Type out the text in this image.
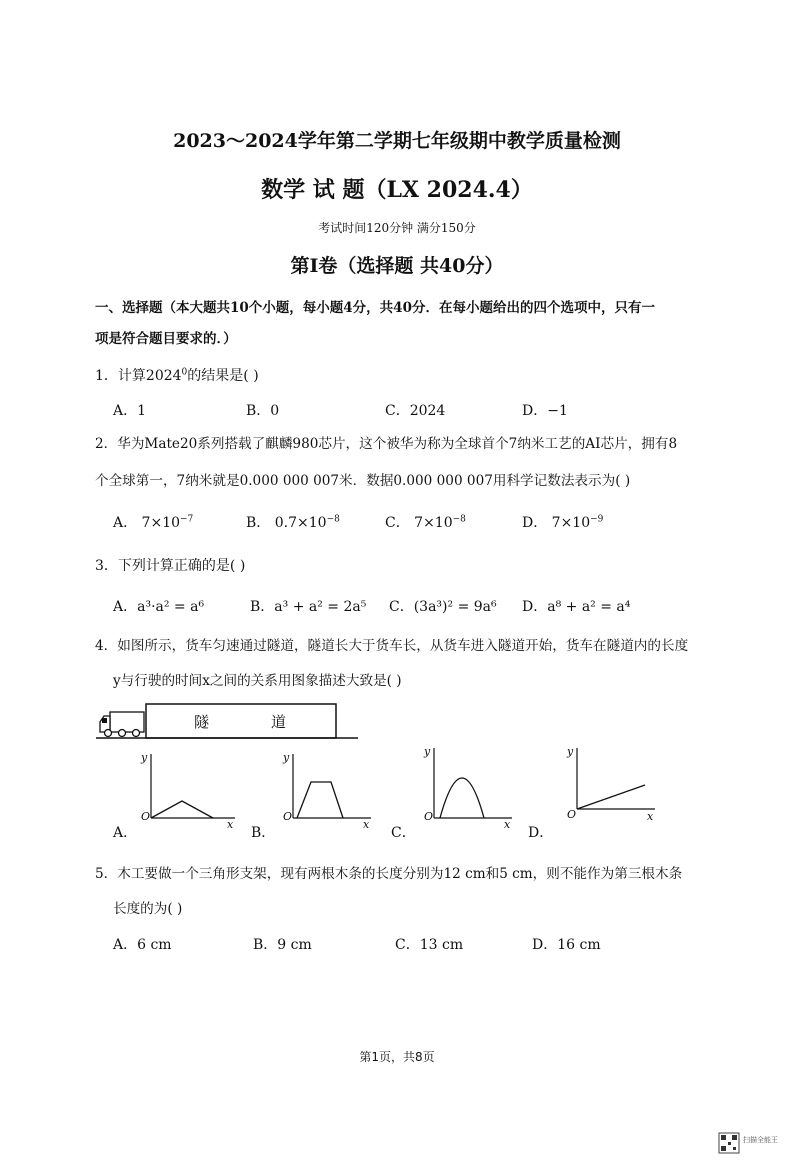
2023～2024学年第二学期七年级期中教学质量检测
数学 试 题（LX 2024.4）
考试时间120分钟 满分150分
第Ⅰ卷（选择题 共40分）
一、选择题（本大题共10个小题，每小题4分，共40分．在每小题给出的四个选项中，只有一
项是符合题目要求的．）
1．计算2024$^0$的结果是( )
A．1	B．0	C．2024	D．−1
2．华为Mate20系列搭载了麒麟980芯片，这个被华为称为全球首个7纳米工艺的AI芯片，拥有8
个全球第一，7纳米就是0.000 000 007米．数据0.000 000 007用科学记数法表示为( )
A． $7\times 10^{-7}$	B． $0.7\times 10^{-8}$	C． $7\times 10^{-8}$	D． $7\times 10^{-9}$
3．下列计算正确的是( )
A．a³·a² = a⁶	B．a³ + a² = 2a⁵ C．(3a³)² = 9a⁶ D．a⁸ + a² = a⁴
4．如图所示，货车匀速通过隧道，隧道长大于货车长，从货车进入隧道开始，货车在隧道内的长度
y与行驶的时间x之间的关系用图象描述大致是( )
隧	道
A．
O
x
y
B．
O
x
y
C．
O
x
y
D．
O	x
y
5．木工要做一个三角形支架，现有两根木条的长度分别为12 cm和5 cm，则不能作为第三根木条
长度的为( )
A．6 cm	B．9 cm	C．13 cm	D．16 cm
第1页，共8页
扫描全能王
